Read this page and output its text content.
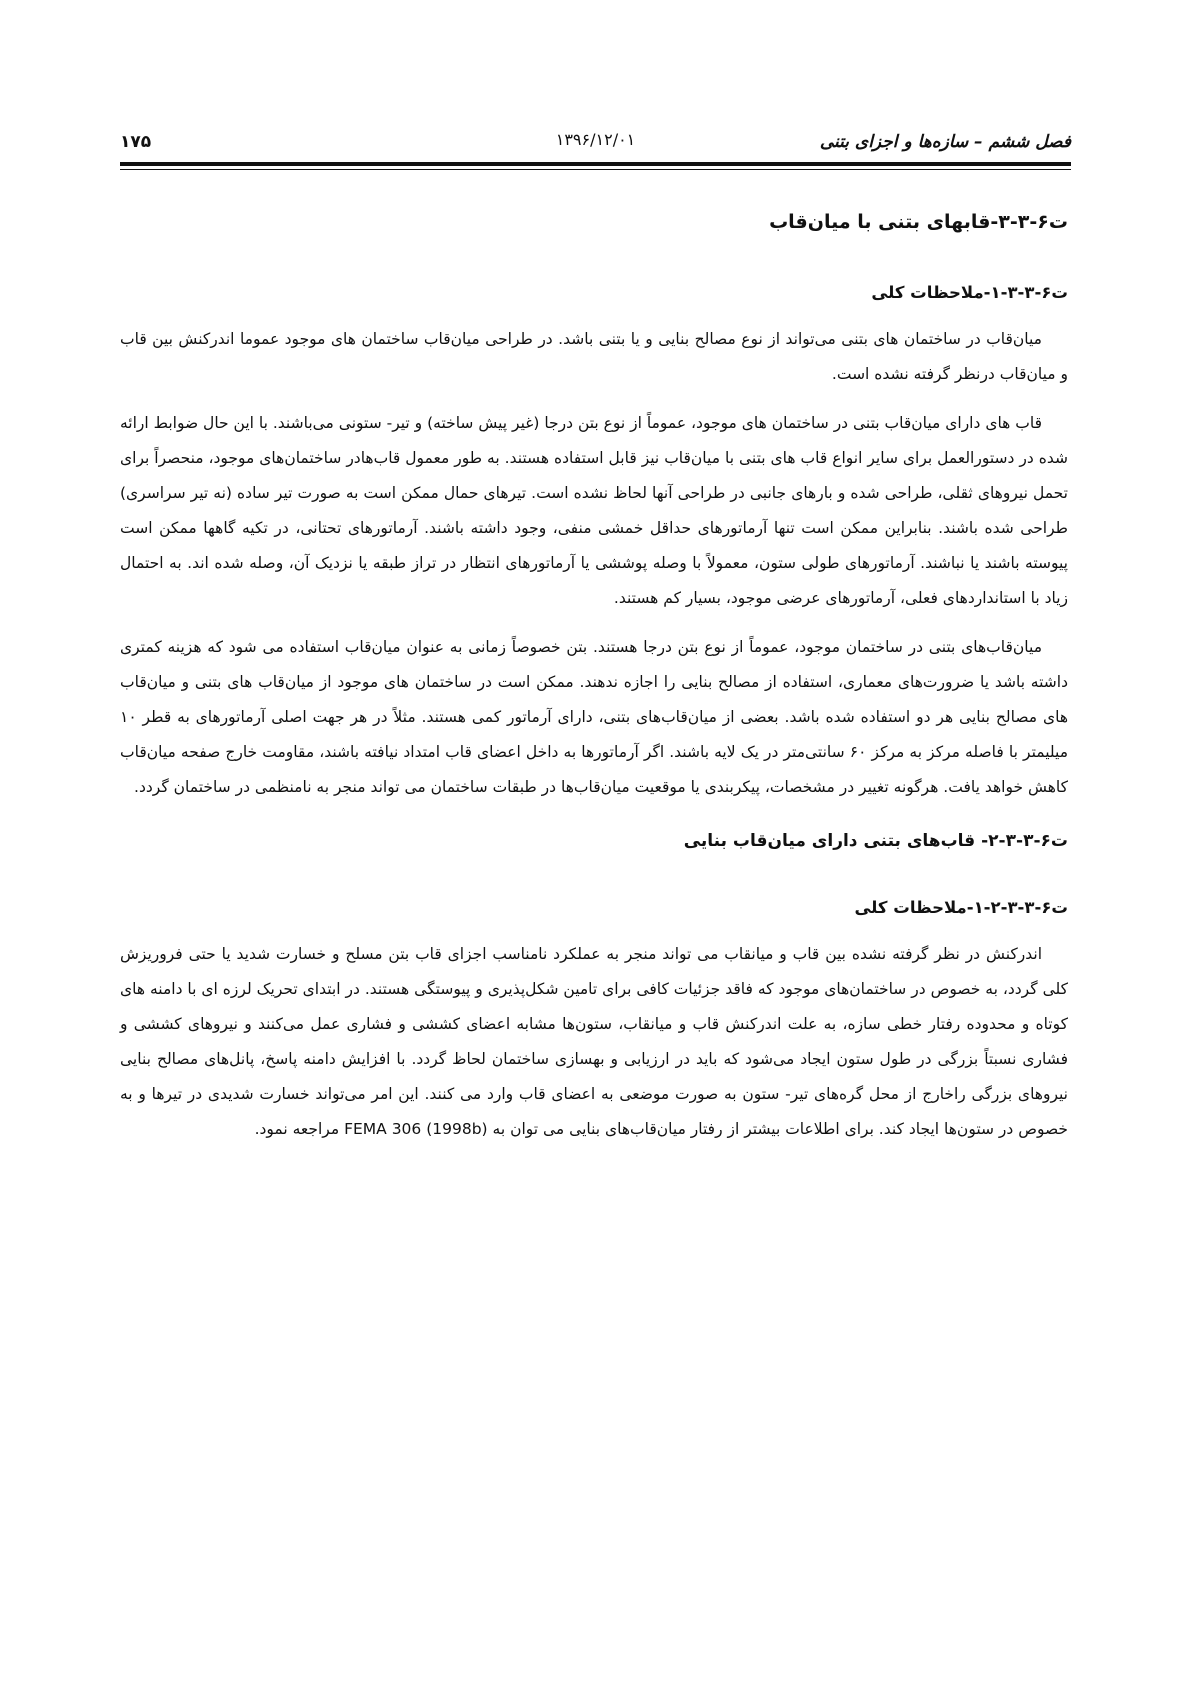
فصل ششم – سازه‌ها و اجزای بتنی
۱۳۹۶/۱۲/۰۱
۱۷۵
ت۶-۳-۳-قابهای بتنی با میان‌قاب
ت۶-۳-۳-۱-ملاحظات کلی

میان‌قاب در ساختمان های بتنی می‌تواند از نوع مصالح بنایی و یا بتنی باشد. در طراحی میان‌قاب ساختمان های موجود عموما اندرکنش بین قاب و میان‌قاب درنظر گرفته نشده است.

قاب های دارای میان‌قاب بتنی در ساختمان های موجود، عموماً از نوع بتن درجا (غیر پیش ساخته) و تیر- ستونی می‌باشند. با این حال ضوابط ارائه شده در دستورالعمل برای سایر انواع قاب های بتنی با میان‌قاب نیز قابل استفاده هستند. به طور معمول قاب‌هادر ساختمان‌های موجود، منحصراً برای تحمل نیروهای ثقلی، طراحی شده و بارهای جانبی در طراحی آنها لحاظ نشده است. تیرهای حمال ممکن است به صورت تیر ساده (نه تیر سراسری) طراحی شده باشند. بنابراین ممکن است تنها آرماتورهای حداقل خمشی منفی، وجود داشته باشند. آرماتورهای تحتانی، در تکیه گاهها ممکن است پیوسته باشند یا نباشند. آرماتورهای طولی ستون، معمولاً با وصله پوششی یا آرماتورهای انتظار در تراز طبقه یا نزدیک آن، وصله شده اند. به احتمال زیاد با استانداردهای فعلی، آرماتورهای عرضی موجود، بسیار کم هستند.

میان‌قاب‌های بتنی در ساختمان موجود، عموماً از نوع بتن درجا هستند. بتن خصوصاً زمانی به عنوان میان‌قاب استفاده می شود که هزینه کمتری داشته باشد یا ضرورت‌های معماری، استفاده از مصالح بنایی را اجازه ندهند. ممکن است در ساختمان های موجود از میان‌قاب های بتنی و میان‌قاب های مصالح بنایی هر دو استفاده شده باشد. بعضی از میان‌قاب‌های بتنی، دارای آرماتور کمی هستند. مثلاً در هر جهت اصلی آرماتورهای به قطر ۱۰ میلیمتر با فاصله مرکز به مرکز ۶۰ سانتی‌متر در یک لایه باشند. اگر آرماتورها به داخل اعضای قاب امتداد نیافته باشند، مقاومت خارج صفحه میان‌قاب کاهش خواهد یافت. هرگونه تغییر در مشخصات، پیکربندی یا موقعیت میان‌قاب‌ها در طبقات ساختمان می تواند منجر به نامنظمی در ساختمان گردد.

ت۶-۳-۳-۲- قاب‌های بتنی دارای میان‌قاب بنایی
ت۶-۳-۳-۲-۱-ملاحظات کلی

اندرکنش در نظر گرفته نشده بین قاب و میانقاب می تواند منجر به عملکرد نامناسب اجزای قاب بتن مسلح و خسارت شدید یا حتی فروریزش کلی گردد، به خصوص در ساختمان‌های موجود که فاقد جزئیات کافی برای تامین شکل‌پذیری و پیوستگی هستند. در ابتدای تحریک لرزه ای با دامنه های کوتاه و محدوده رفتار خطی سازه، به علت اندرکنش قاب و میانقاب، ستون‌ها مشابه اعضای کششی و فشاری عمل می‌کنند و نیروهای کششی و فشاری نسبتاً بزرگی در طول ستون ایجاد می‌شود که باید در ارزیابی و بهسازی ساختمان لحاظ گردد. با افزایش دامنه پاسخ، پانل‌های مصالح بنایی نیروهای بزرگی راخارج از محل گره‌های تیر- ستون به صورت موضعی به اعضای قاب وارد می کنند. این امر می‌تواند خسارت شدیدی در تیرها و به خصوص در ستون‌ها ایجاد کند. برای اطلاعات بیشتر از رفتار میان‌قاب‌های بنایی می توان به FEMA 306 (1998b) مراجعه نمود.
